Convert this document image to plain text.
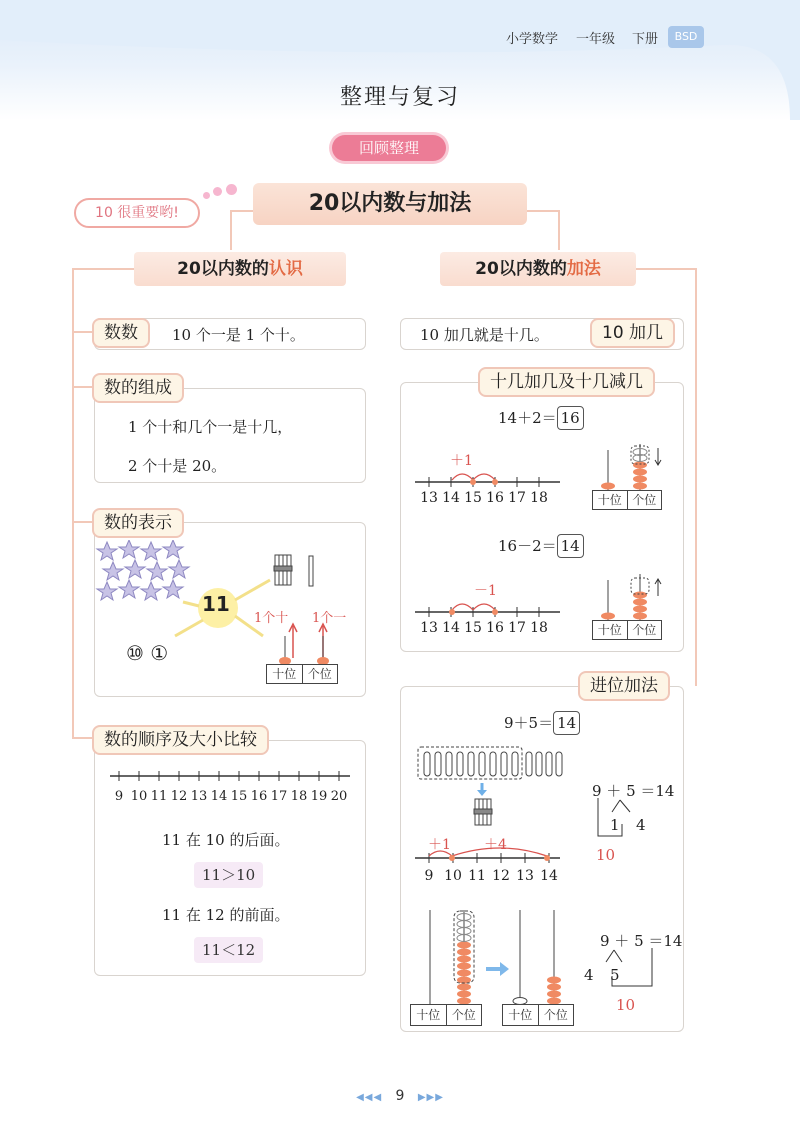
小学数学 一年级 下册	BSD
整理与复习
回顾整理
20以内数与加法
10 很重要哟!
20以内数的认识	20以内数的加法
数数	10 个一是 1 个十。
数的组成
1 个十和几个一是十几，
2 个十是 20。
数的表示
11
⑩ ①
1个十 1个一
十位 个位
数的顺序及大小比较
9 10 11 12 13 14 15 16 17 18 19 20
11 在 10 的后面。
11＞10
11 在 12 的前面。
11＜12
10 加几就是十几。	10 加几
十几加几及十几减几
14＋2＝ 16
＋1
13 14 15 16 17 18	十位 个位
16－2＝ 14
－1
13 14 15 16 17 18	十位 个位
进位加法
9＋5＝ 14
9 ＋ 5 ＝14
1 4
10
＋1 ＋4
9 10 11 12 13 14
十位 个位	十位 个位
9 ＋ 5 ＝14
4 5
10
◀◀◀ 9 ▶▶▶
